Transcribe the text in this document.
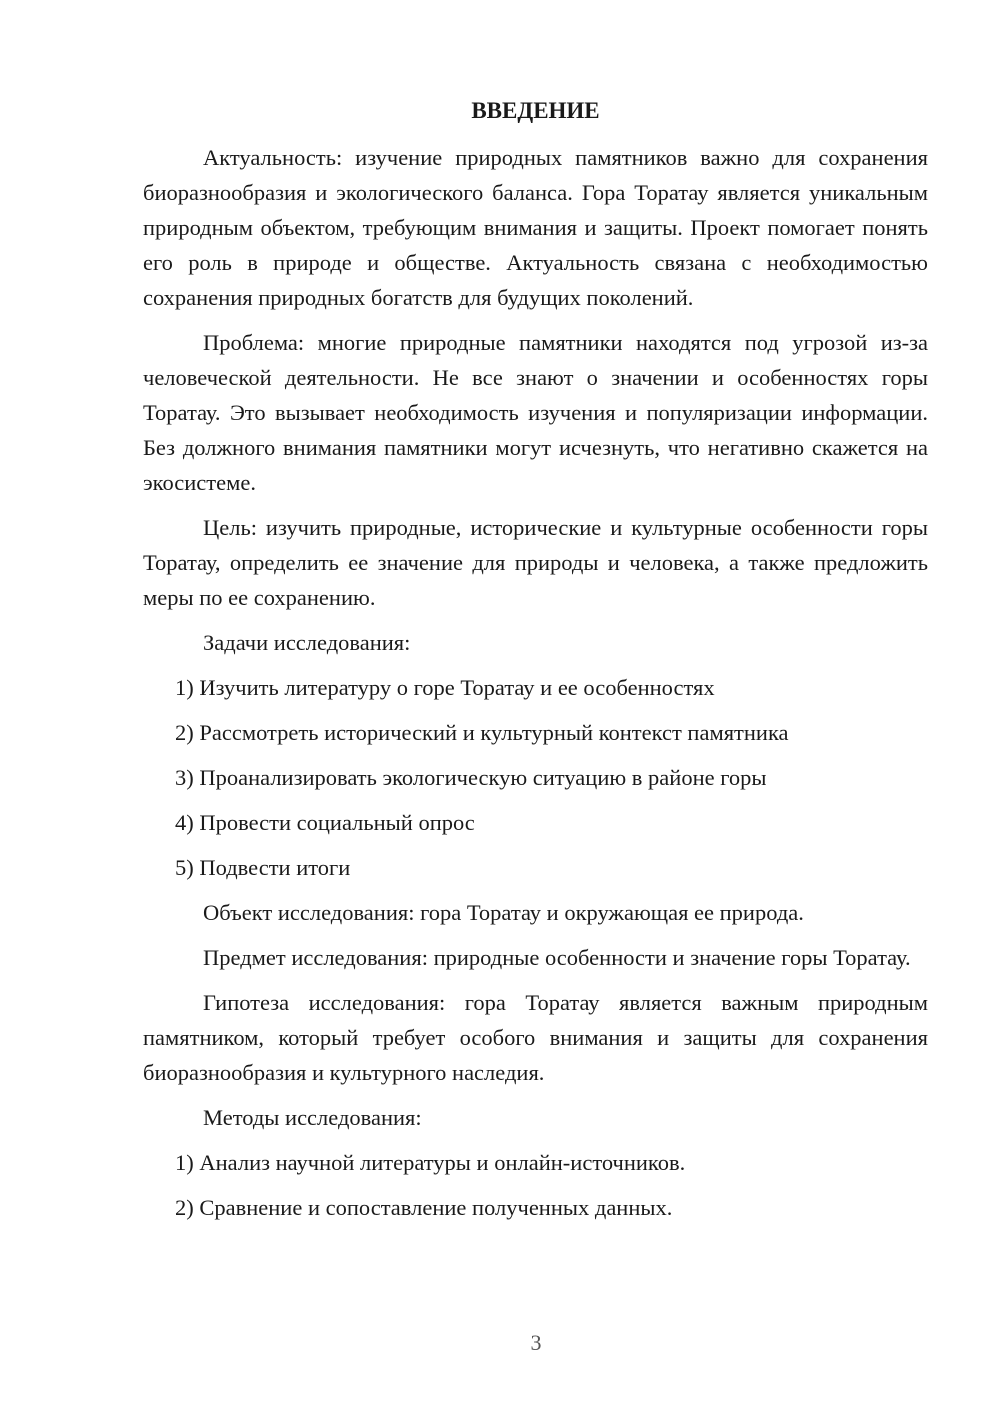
ВВЕДЕНИЕ

Актуальность: изучение природных памятников важно для сохранения биоразнообразия и экологического баланса. Гора Торатау является уникальным природным объектом, требующим внимания и защиты. Проект помогает понять его роль в природе и обществе. Актуальность связана с необходимостью сохранения природных богатств для будущих поколений.

Проблема: многие природные памятники находятся под угрозой из-за человеческой деятельности. Не все знают о значении и особенностях горы Торатау. Это вызывает необходимость изучения и популяризации информации. Без должного внимания памятники могут исчезнуть, что негативно скажется на экосистеме.

Цель: изучить природные, исторические и культурные особенности горы Торатау, определить ее значение для природы и человека, а также предложить меры по ее сохранению.

Задачи исследования:
1) Изучить литературу о горе Торатау и ее особенностях
2) Рассмотреть исторический и культурный контекст памятника
3) Проанализировать экологическую ситуацию в районе горы
4) Провести социальный опрос
5) Подвести итоги

Объект исследования: гора Торатау и окружающая ее природа.

Предмет исследования: природные особенности и значение горы Торатау.

Гипотеза исследования: гора Торатау является важным природным памятником, который требует особого внимания и защиты для сохранения биоразнообразия и культурного наследия.

Методы исследования:
1) Анализ научной литературы и онлайн-источников.
2) Сравнение и сопоставление полученных данных.
3
